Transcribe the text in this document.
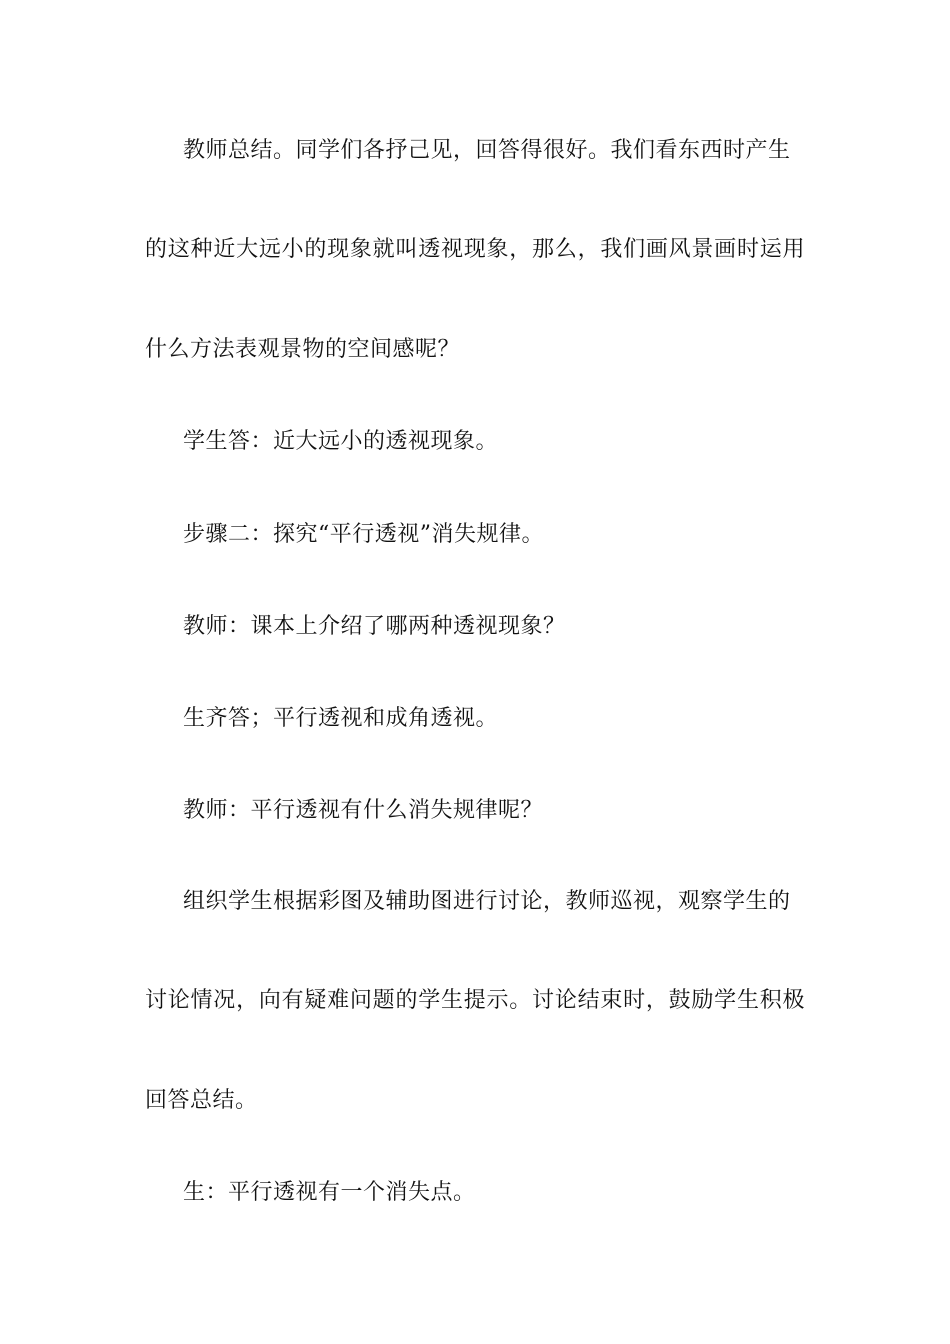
教师总结。同学们各抒己见，回答得很好。我们看东西时产生
的这种近大远小的现象就叫透视现象，那么，我们画风景画时运用
什么方法表观景物的空间感呢？
学生答：近大远小的透视现象。
步骤二：探究“平行透视”消失规律。
教师：课本上介绍了哪两种透视现象？
生齐答；平行透视和成角透视。
教师：平行透视有什么消失规律呢？
组织学生根据彩图及辅助图进行讨论，教师巡视，观察学生的
讨论情况，向有疑难问题的学生提示。讨论结束时，鼓励学生积极
回答总结。
生：平行透视有一个消失点。
